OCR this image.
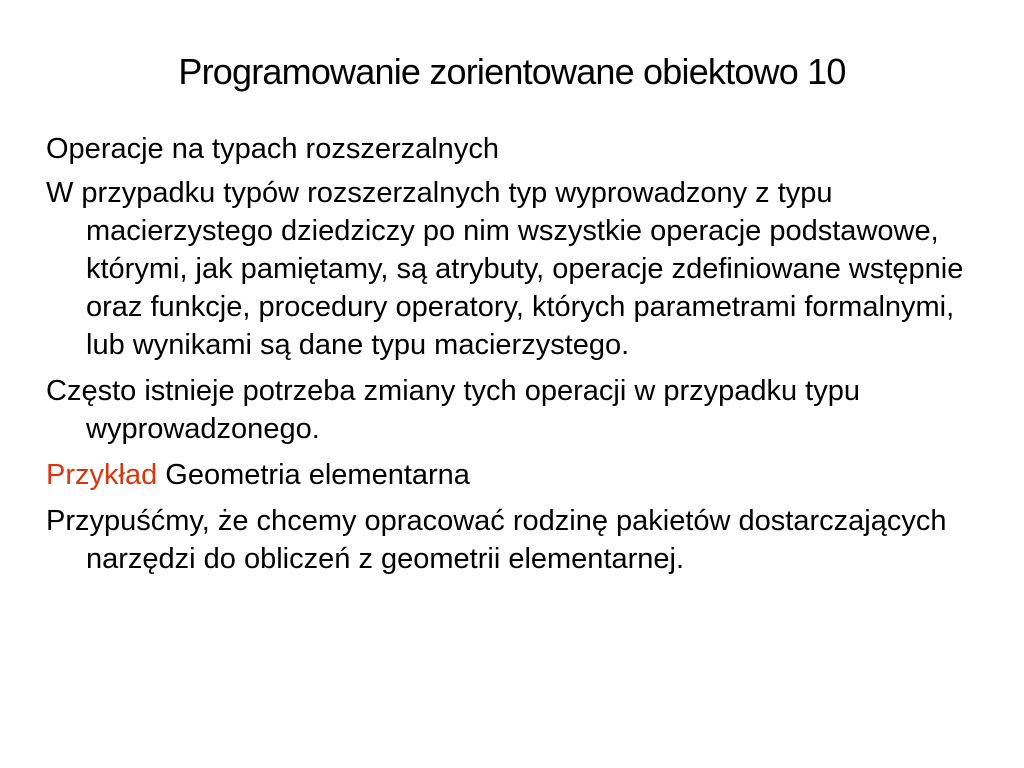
Programowanie zorientowane obiektowo 10

Operacje na typach rozszerzalnych

W przypadku typów rozszerzalnych typ wyprowadzony z typu macierzystego dziedziczy po nim wszystkie operacje podstawowe, którymi, jak pamiętamy, są atrybuty, operacje zdefiniowane wstępnie oraz funkcje, procedury operatory, których parametrami formalnymi, lub wynikami są dane typu macierzystego.

Często istnieje potrzeba zmiany tych operacji w przypadku typu wyprowadzonego.

Przykład Geometria elementarna

Przypuśćmy, że chcemy opracować rodzinę pakietów dostarczających narzędzi do obliczeń z geometrii elementarnej.
